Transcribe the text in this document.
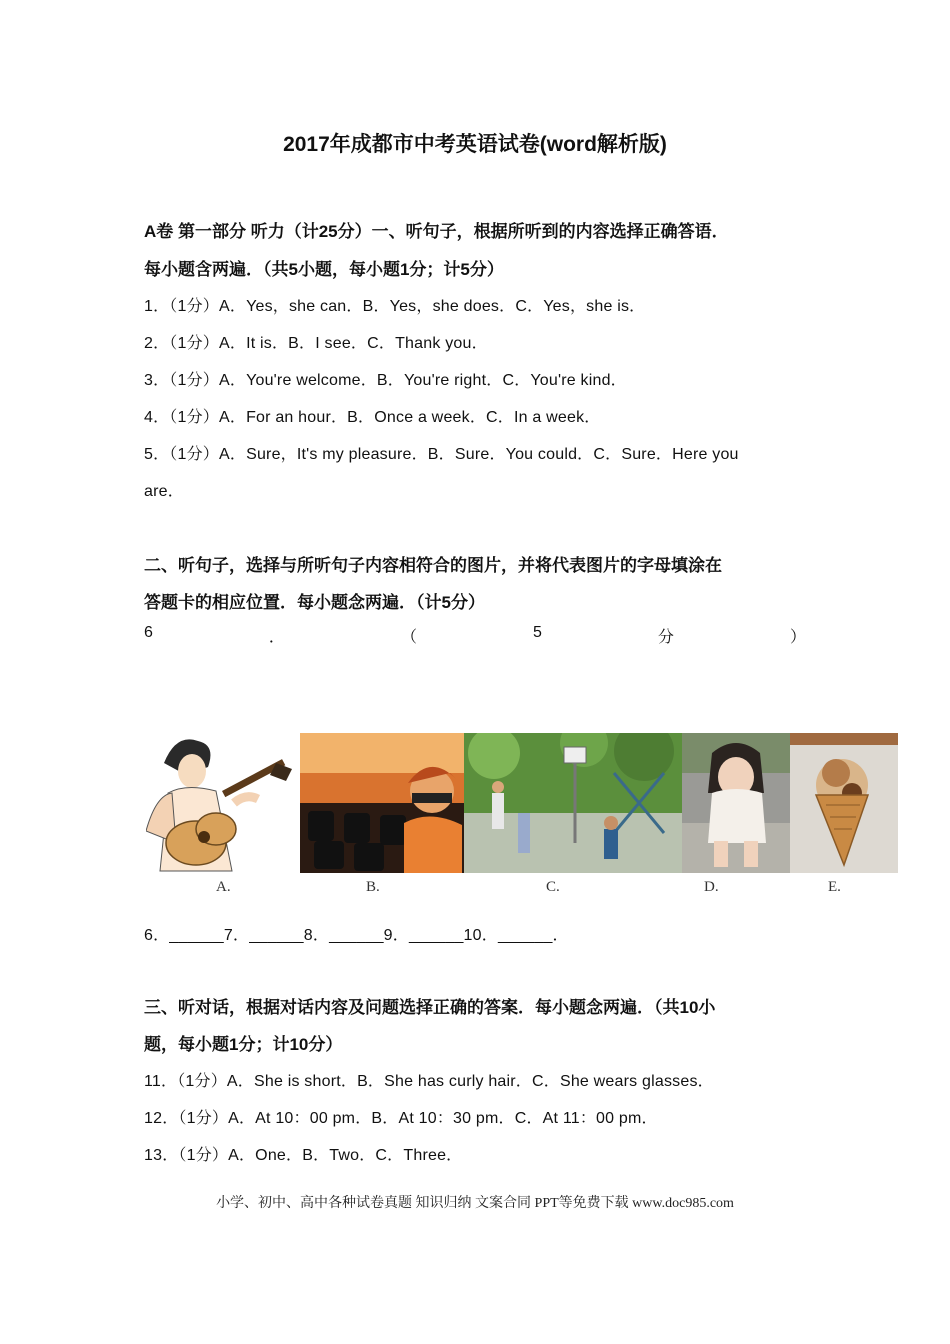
2017年成都市中考英语试卷(word解析版)
A卷 第一部分 听力（计25分）一、听句子，根据所听到的内容选择正确答语．
每小题含两遍．（共5小题，每小题1分；计5分）
1．（1分）A．Yes，she can．B．Yes，she does．C．Yes，she is．
2．（1分）A．It is．B．I see．C．Thank you．
3．（1分）A．You're welcome．B．You're right．C．You're kind．
4．（1分）A．For an hour．B．Once a week．C．In a week．
5．（1分）A．Sure，It's my pleasure．B．Sure．You could．C．Sure．Here you
are．
二、听句子，选择与所听句子内容相符合的图片，并将代表图片的字母填涂在
答题卡的相应位置．每小题念两遍．（计5分）
6	．	（	5	分	）
A.	B.	C.	D.	E.
6．______7．______8．______9．______10．______．
三、听对话，根据对话内容及问题选择正确的答案．每小题念两遍．（共10小
题，每小题1分；计10分）
11．（1分）A．She is short．B．She has curly hair．C．She wears glasses．
12．（1分）A．At 10：00 pm．B．At 10：30 pm．C．At 11：00 pm．
13．（1分）A．One．B．Two．C．Three．
小学、初中、高中各种试卷真题 知识归纳 文案合同 PPT等免费下载 www.doc985.com
